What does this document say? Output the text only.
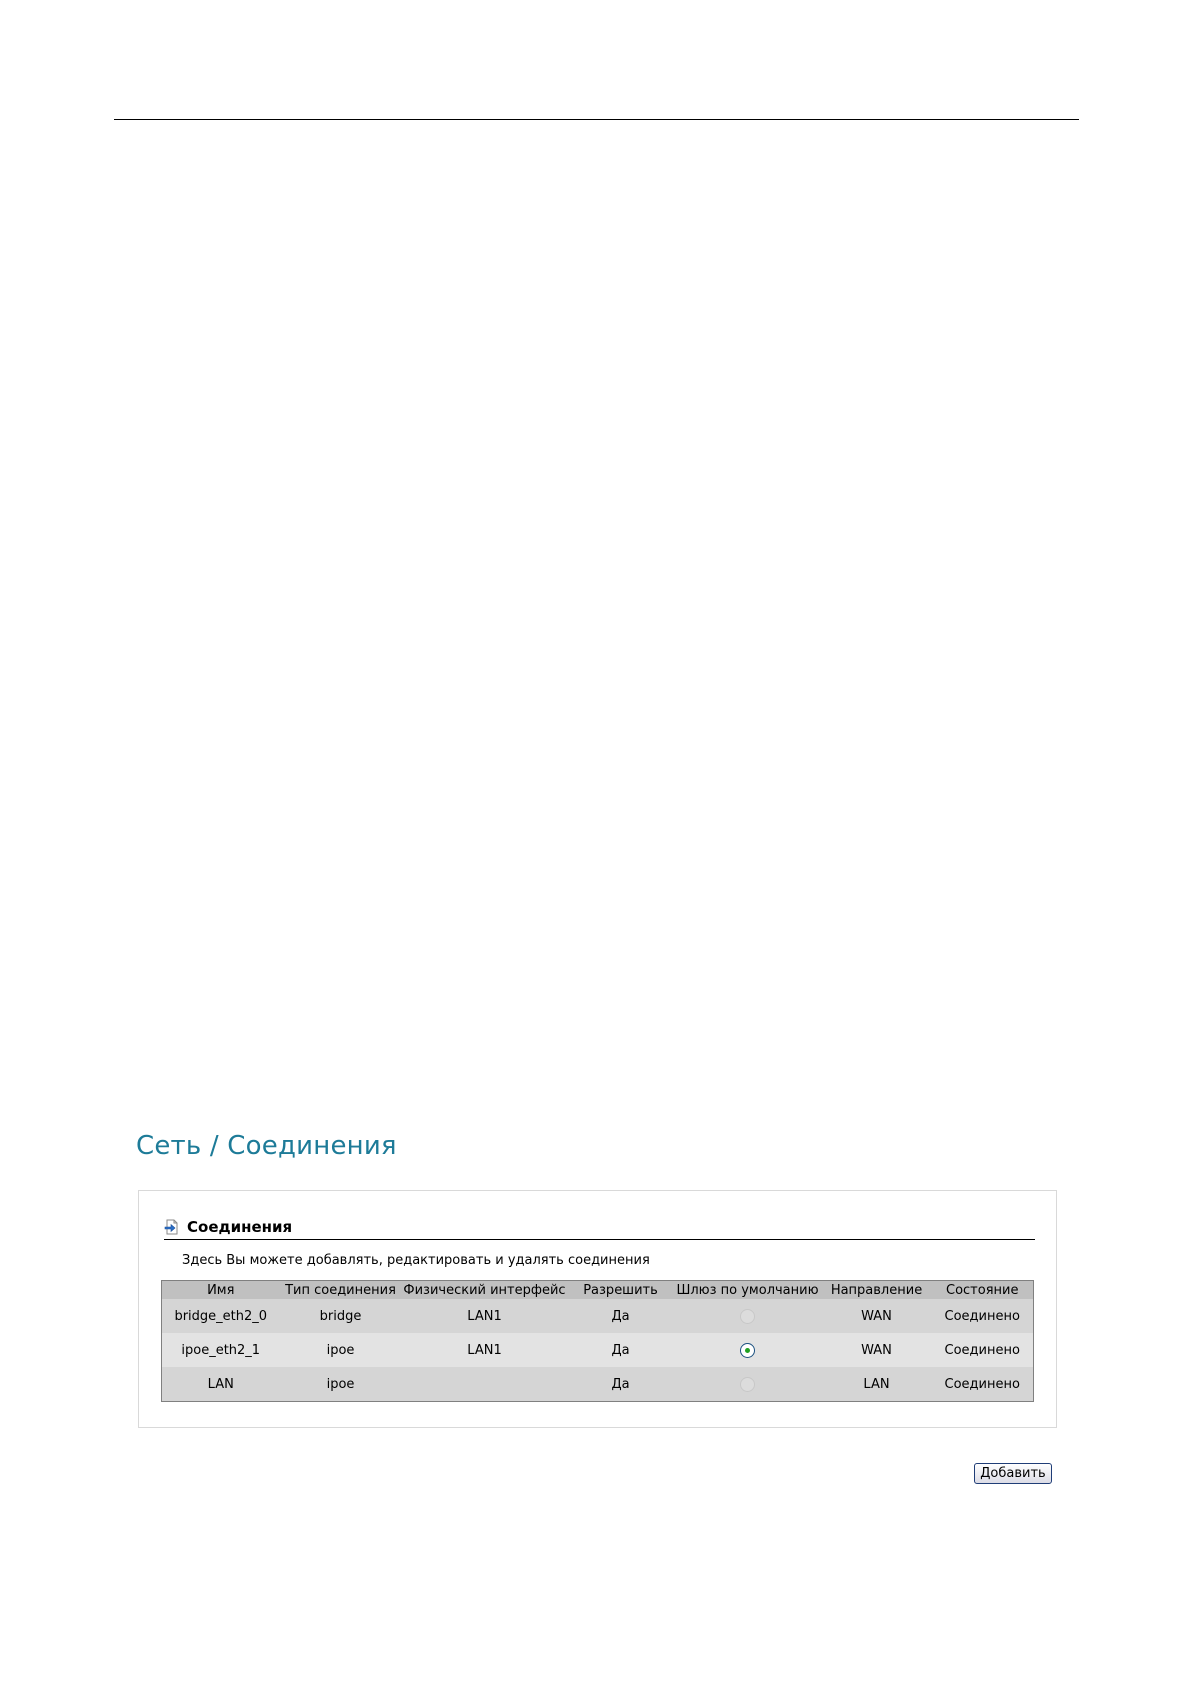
Сеть / Соединения
Соединения
Здесь Вы можете добавлять, редактировать и удалять соединения
Имя	Тип соединения	Физический интерфейс	Разрешить	Шлюз по умолчанию	Направление	Состояние
bridge_eth2_0	bridge	LAN1	Да		WAN	Соединено
ipoe_eth2_1	ipoe	LAN1	Да		WAN	Соединено
LAN	ipoe		Да		LAN	Соединено
Добавить
